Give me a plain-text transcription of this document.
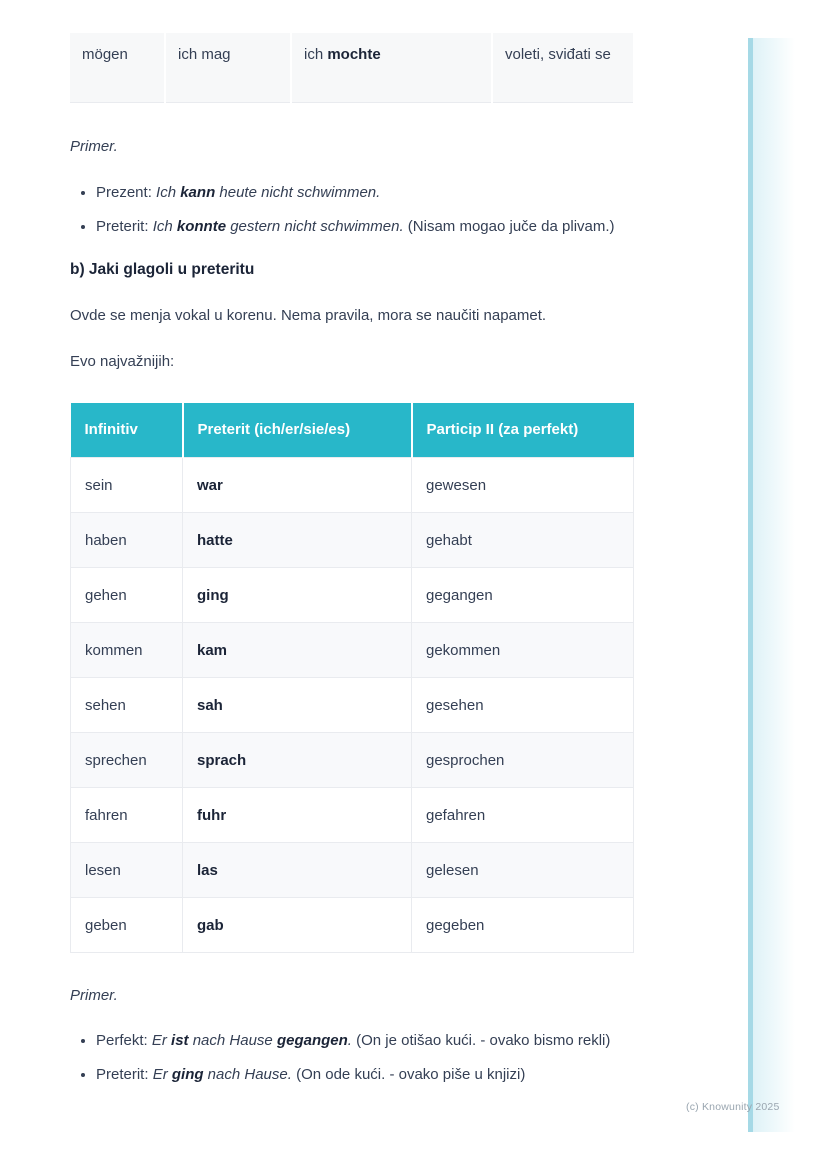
mögen	ich mag	ich mochte	voleti, sviđati se

Primer.

• Prezent: Ich kann heute nicht schwimmen.
• Preterit: Ich konnte gestern nicht schwimmen. (Nisam mogao juče da plivam.)
b) Jaki glagoli u preteritu

Ovde se menja vokal u korenu. Nema pravila, mora se naučiti napamet.

Evo najvažnijih:

Infinitiv	Preterit (ich/er/sie/es)	Particip II (za perfekt)
sein	war	gewesen
haben	hatte	gehabt
gehen	ging	gegangen
kommen	kam	gekommen
sehen	sah	gesehen
sprechen	sprach	gesprochen
fahren	fuhr	gefahren
lesen	las	gelesen
geben	gab	gegeben

Primer.

• Perfekt: Er ist nach Hause gegangen. (On je otišao kući. - ovako bismo rekli)
• Preterit: Er ging nach Hause. (On ode kući. - ovako piše u knjizi)
(c) Knowunity 2025
